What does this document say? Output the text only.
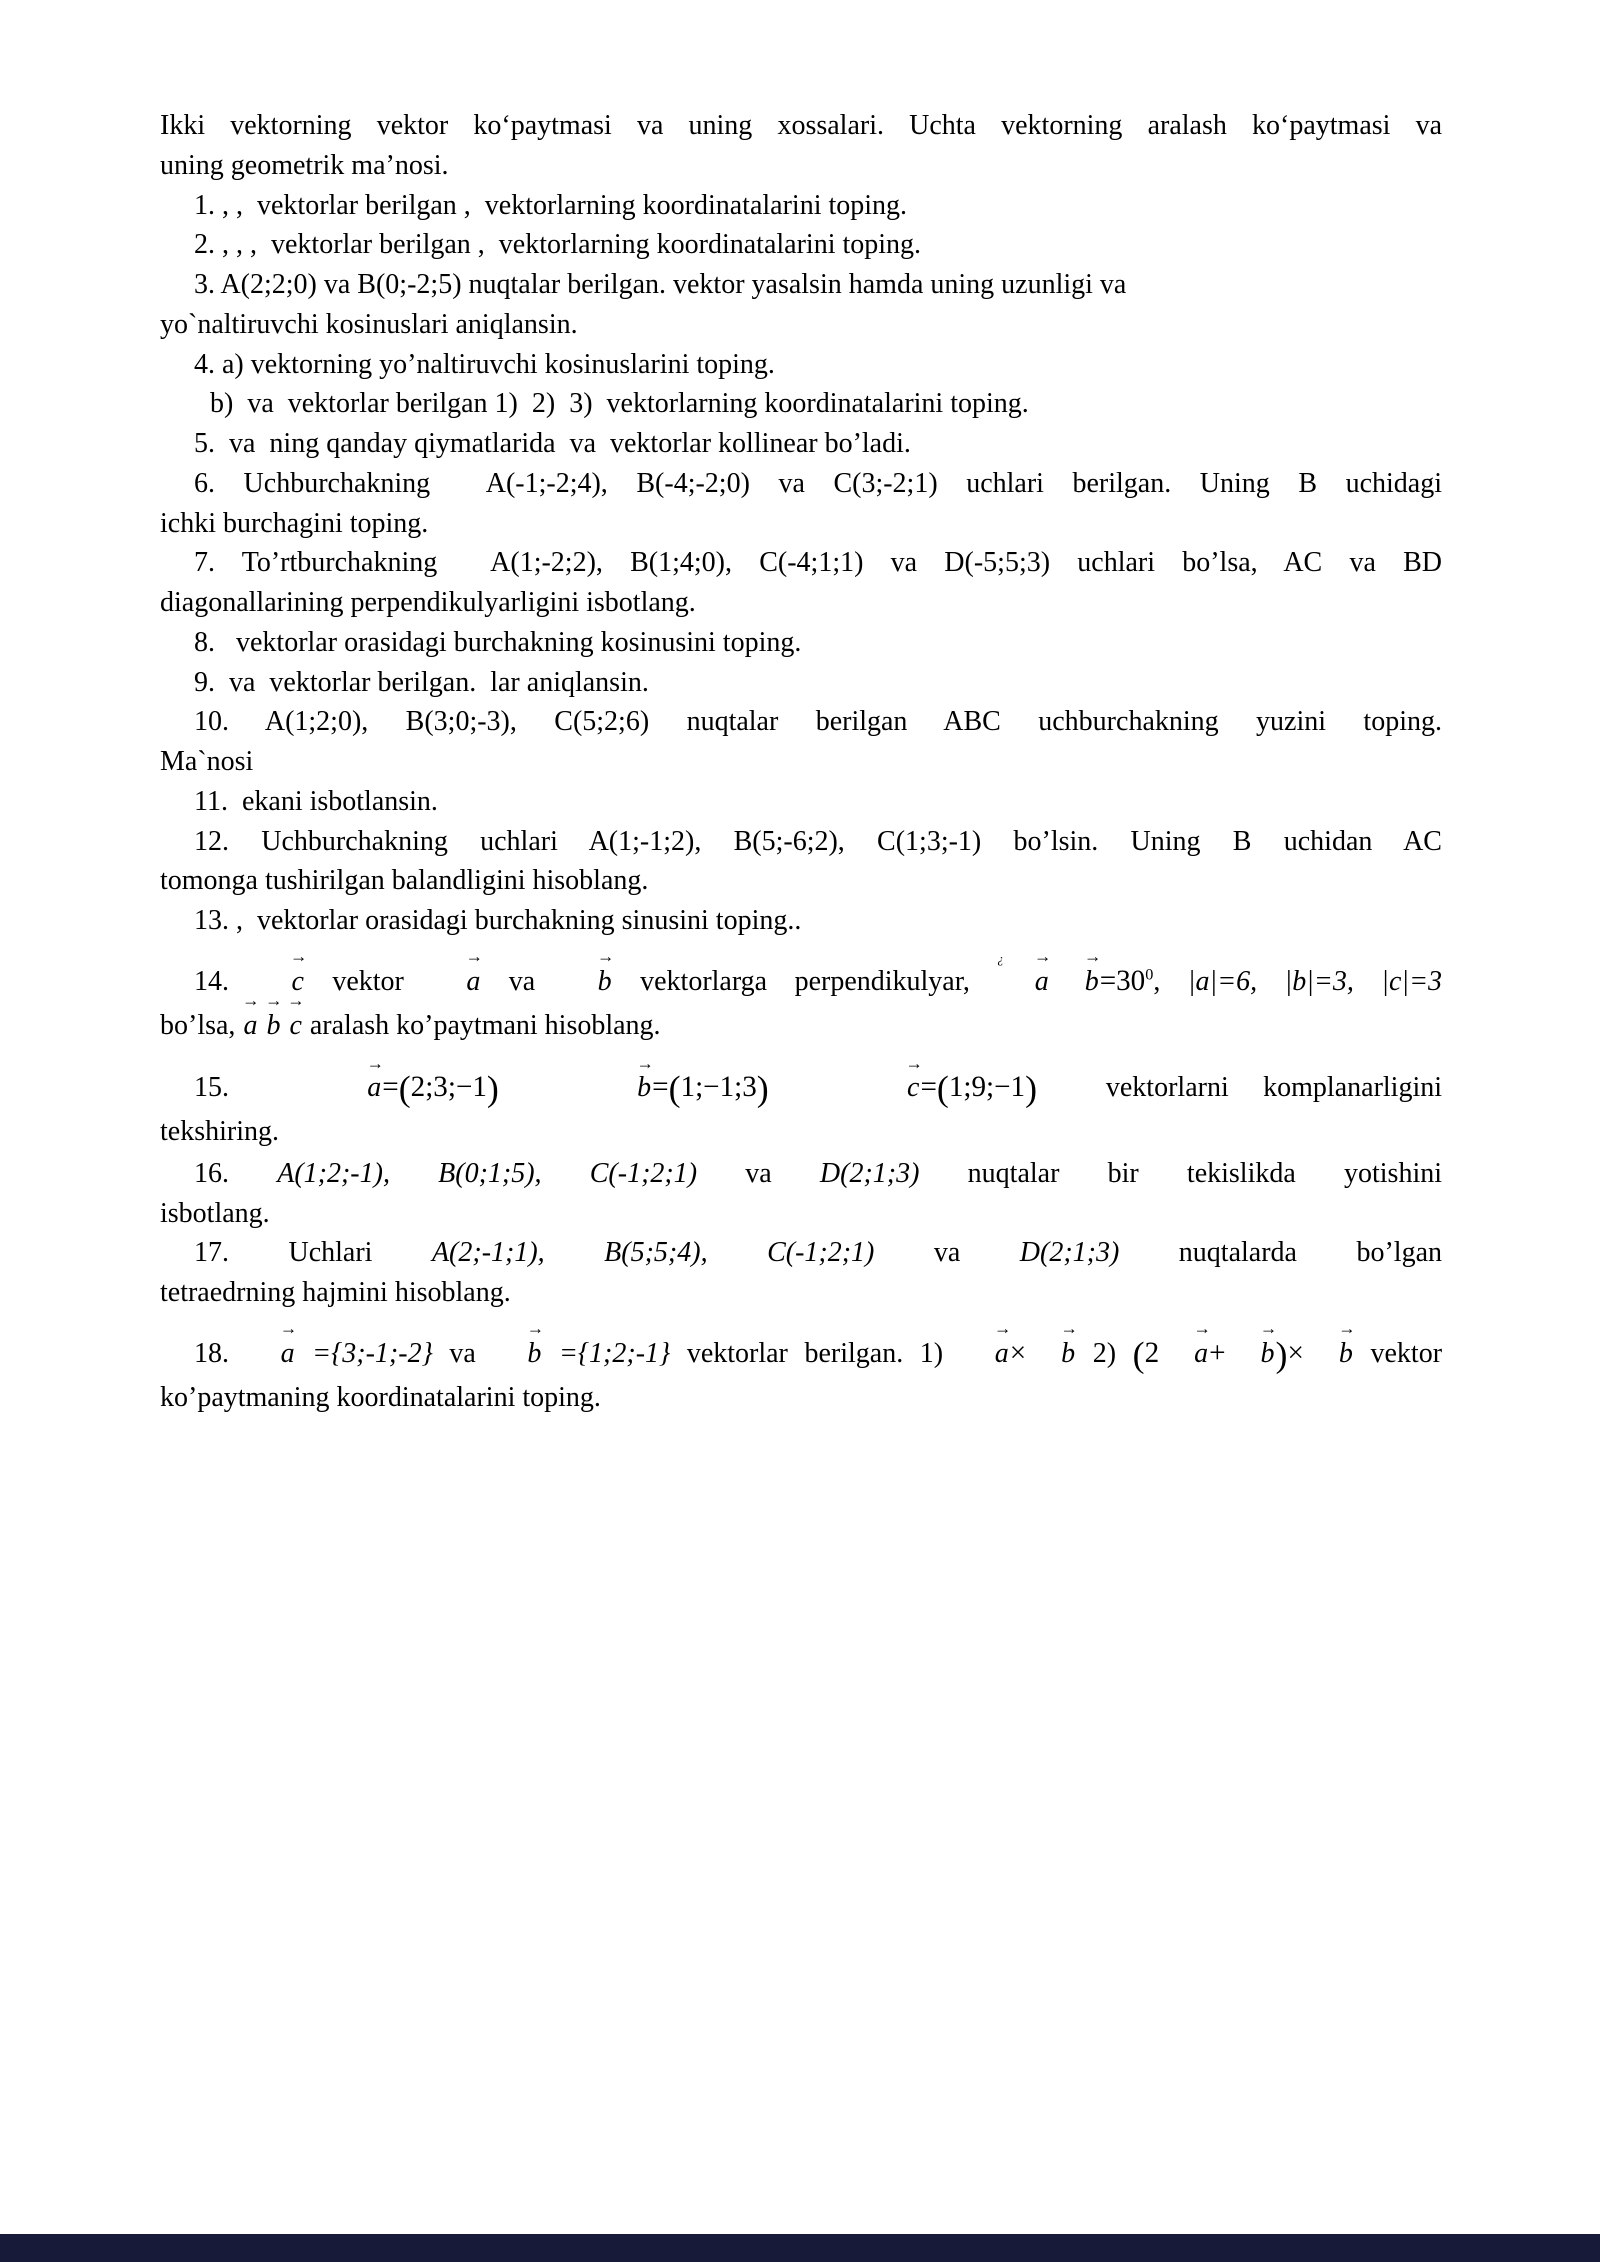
Ikki vektorning vektor ko‘paytmasi va uning xossalari. Uchta vektorning aralash ko‘paytmasi vauning geometrik ma’nosi.

1. , ,  vektorlar berilgan ,  vektorlarning koordinatalarini toping.

2. , , ,  vektorlar berilgan ,  vektorlarning koordinatalarini toping.

3. A(2;2;0) va B(0;-2;5) nuqtalar berilgan. vektor yasalsin hamda uning uzunligi va
yo`naltiruvchi kosinuslari aniqlansin.

4. a) vektorning yo’naltiruvchi kosinuslarini toping.

b)  va  vektorlar berilgan 1)  2)  3)  vektorlarning koordinatalarini toping.

5.  va  ning qanday qiymatlarida  va  vektorlar kollinear bo’ladi.

6. Uchburchakning  A(-1;-2;4), B(-4;-2;0) va C(3;-2;1) uchlari berilgan. Uning B uchidagiichki burchagini toping.

7. To’rtburchakning  A(1;-2;2), B(1;4;0), C(-4;1;1) va D(-5;5;3) uchlari bo’lsa, AC va BDdiagonallarining perpendikulyarligini isbotlang.

8.   vektorlar orasidagi burchakning kosinusini toping.

9.  va  vektorlar berilgan.  lar aniqlansin.

10. A(1;2;0), B(3;0;-3), C(5;2;6) nuqtalar berilgan ABC uchburchakning yuzini toping.Ma`nosi

11.  ekani isbotlansin.

12. Uchburchakning uchlari A(1;-1;2), B(5;-6;2), C(1;3;-1) bo’lsin. Uning B uchidan ACtomonga tushirilgan balandligini hisoblang.

13. ,  vektorlar orasidagi burchakning sinusini toping..

14. → c vektor → a va → b vektorlarga perpendikulyar, $^¿\to a \to b=30^0$, |a|=6, |b|=3, |c|=3bo’lsa, → a → b → c aralash ko’paytmani hisoblang.

15.   → a=(2;3;−1)	→ b=(1;−1;3)	→ c=(1;9;−1)  vektorlarni komplanarliginitekshiring.

16. A(1;2;-1), B(0;1;5), C(-1;2;1) va D(2;1;3) nuqtalar bir tekislikda yotishiniisbotlang.

17. Uchlari A(2;-1;1), B(5;5;4), C(-1;2;1) va D(2;1;3) nuqtalarda bo’lgantetraedrning hajmini hisoblang.

18. → a ={3;-1;-2} va → b ={1;2;-1} vektorlar berilgan. 1) → a× → b 2) (2 → a+ → b)× → b vektorko’paytmaning koordinatalarini toping.
